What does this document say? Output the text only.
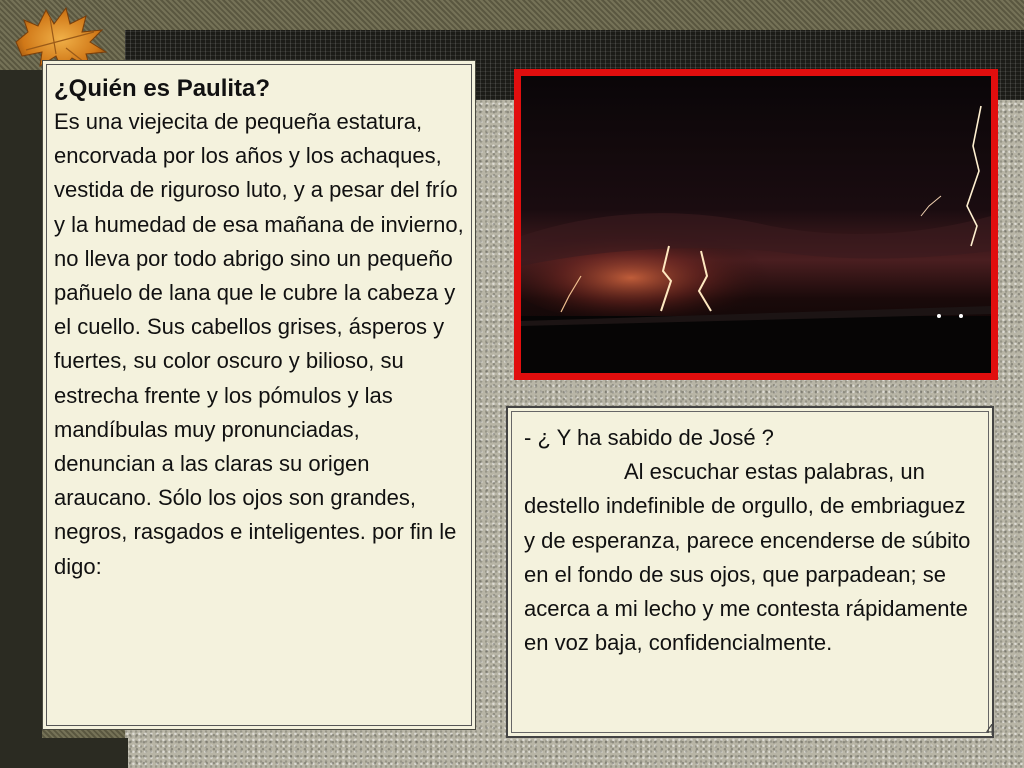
¿Quién es Paulita?
Es una viejecita de pequeña estatura, encorvada por los años y los achaques, vestida de riguroso luto, y a pesar del frío y la humedad de esa mañana de invierno, no lleva por todo abrigo sino un pequeño pañuelo de lana que le cubre la cabeza y el cuello. Sus cabellos grises, ásperos y fuertes, su color oscuro y bilioso, su estrecha frente y los pómulos y las mandíbulas muy pronunciadas, denuncian a las claras su origen araucano. Sólo los ojos son grandes, negros, rasgados e inteligentes. por fin le digo:
- ¿ Y ha sabido de José ?
Al escuchar estas palabras, un destello indefinible de orgullo, de embriaguez y de esperanza, parece encenderse de súbito en el fondo de sus ojos, que parpadean; se acerca a mi lecho y me contesta rápidamente en voz baja, confidencialmente.
4
